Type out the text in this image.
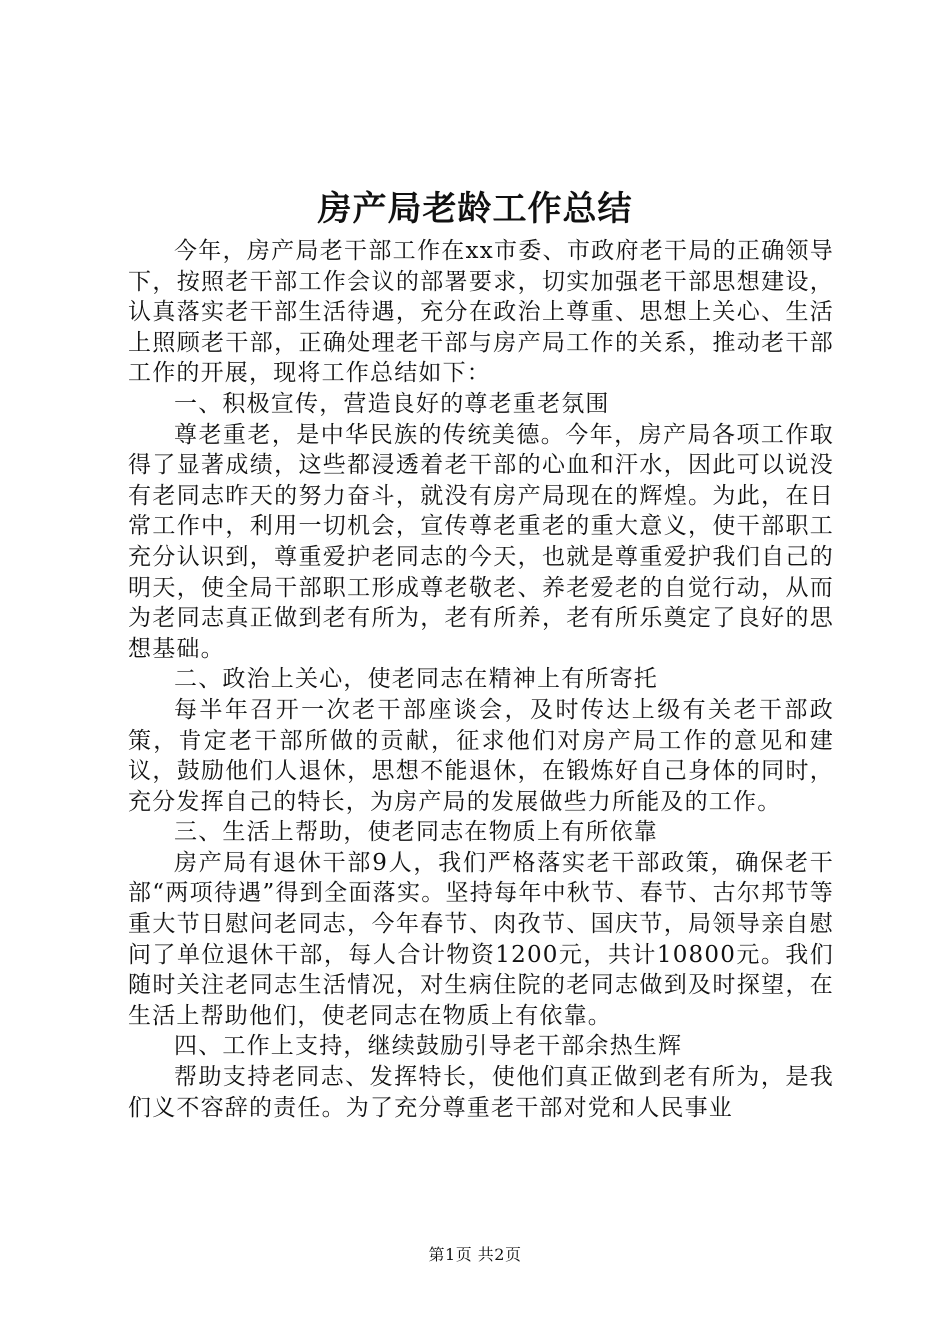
房产局老龄工作总结

今年，房产局老干部工作在xx市委、市政府老干局的正确领导下，按照老干部工作会议的部署要求，切实加强老干部思想建设，认真落实老干部生活待遇，充分在政治上尊重、思想上关心、生活上照顾老干部，正确处理老干部与房产局工作的关系，推动老干部工作的开展，现将工作总结如下：

一、积极宣传，营造良好的尊老重老氛围

尊老重老，是中华民族的传统美德。今年，房产局各项工作取得了显著成绩，这些都浸透着老干部的心血和汗水，因此可以说没有老同志昨天的努力奋斗，就没有房产局现在的辉煌。为此，在日常工作中，利用一切机会，宣传尊老重老的重大意义，使干部职工充分认识到，尊重爱护老同志的今天，也就是尊重爱护我们自己的明天，使全局干部职工形成尊老敬老、养老爱老的自觉行动，从而为老同志真正做到老有所为，老有所养，老有所乐奠定了良好的思想基础。

二、政治上关心，使老同志在精神上有所寄托

每半年召开一次老干部座谈会，及时传达上级有关老干部政策，肯定老干部所做的贡献，征求他们对房产局工作的意见和建议，鼓励他们人退休，思想不能退休，在锻炼好自己身体的同时，充分发挥自己的特长，为房产局的发展做些力所能及的工作。

三、生活上帮助，使老同志在物质上有所依靠

房产局有退休干部9人，我们严格落实老干部政策，确保老干部“两项待遇”得到全面落实。坚持每年中秋节、春节、古尔邦节等重大节日慰问老同志，今年春节、肉孜节、国庆节，局领导亲自慰问了单位退休干部，每人合计物资1200元，共计10800元。我们随时关注老同志生活情况，对生病住院的老同志做到及时探望，在生活上帮助他们，使老同志在物质上有依靠。

四、工作上支持，继续鼓励引导老干部余热生辉

帮助支持老同志、发挥特长，使他们真正做到老有所为，是我们义不容辞的责任。为了充分尊重老干部对党和人民事业

第1页 共2页
